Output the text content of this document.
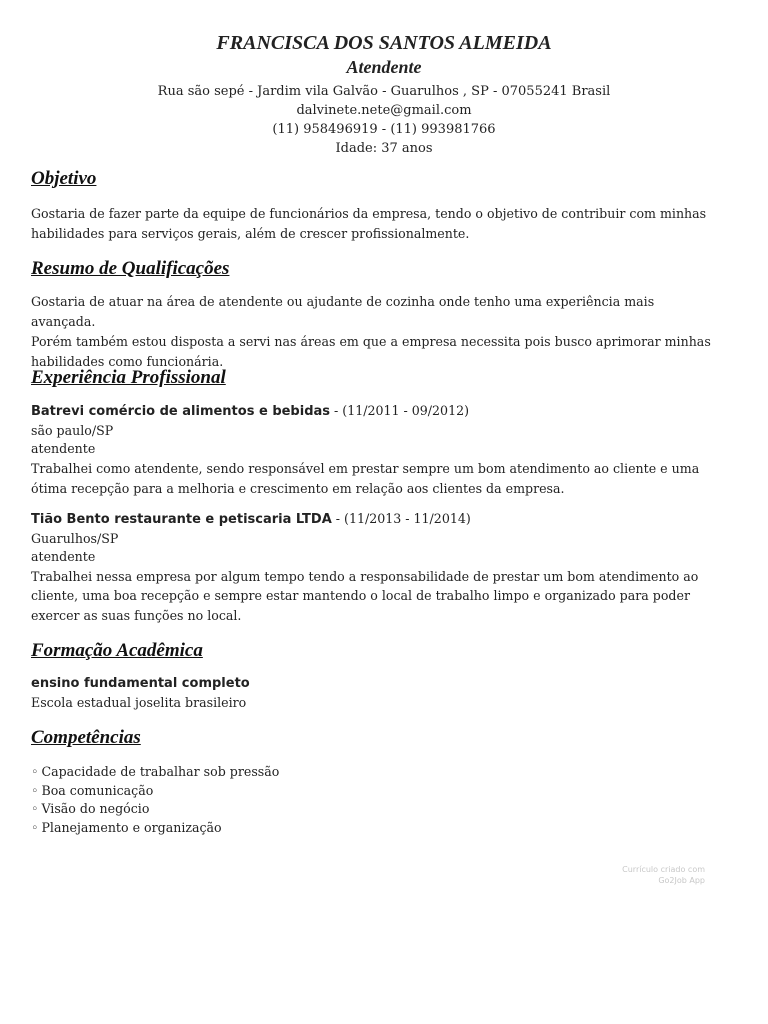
FRANCISCA DOS SANTOS ALMEIDA

Atendente

Rua são sepé - Jardim vila Galvão - Guarulhos , SP - 07055241 Brasil

dalvinete.nete@gmail.com

(11) 958496919 - (11) 993981766

Idade: 37 anos

Objetivo
Gostaria de fazer parte da equipe de funcionários da empresa, tendo o objetivo de contribuir com minhas
habilidades para serviços gerais, além de crescer profissionalmente.
Resumo de Qualificações
Gostaria de atuar na área de atendente ou ajudante de cozinha onde tenho uma experiência mais avançada.
Porém também estou disposta a servi nas áreas em que a empresa necessita pois busco aprimorar minhas
habilidades como funcionária.
Experiência Profissional
Batrevi comércio de alimentos e bebidas - (11/2011 - 09/2012)
são paulo/SP
atendente
Trabalhei como atendente, sendo responsável em prestar sempre um bom atendimento ao cliente e uma
ótima recepção para a melhoria e crescimento em relação aos clientes da empresa.
Tião Bento restaurante e petiscaria LTDA - (11/2013 - 11/2014)
Guarulhos/SP
atendente
Trabalhei nessa empresa por algum tempo tendo a responsabilidade de prestar um bom atendimento ao
cliente, uma boa recepção e sempre estar mantendo o local de trabalho limpo e organizado para poder
exercer as suas funções no local.
Formação Acadêmica
ensino fundamental completo
Escola estadual joselita brasileiro
Competências
◦ Capacidade de trabalhar sob pressão
◦ Boa comunicação
◦ Visão do negócio
◦ Planejamento e organização
Currículo criado com
Go2Job App
